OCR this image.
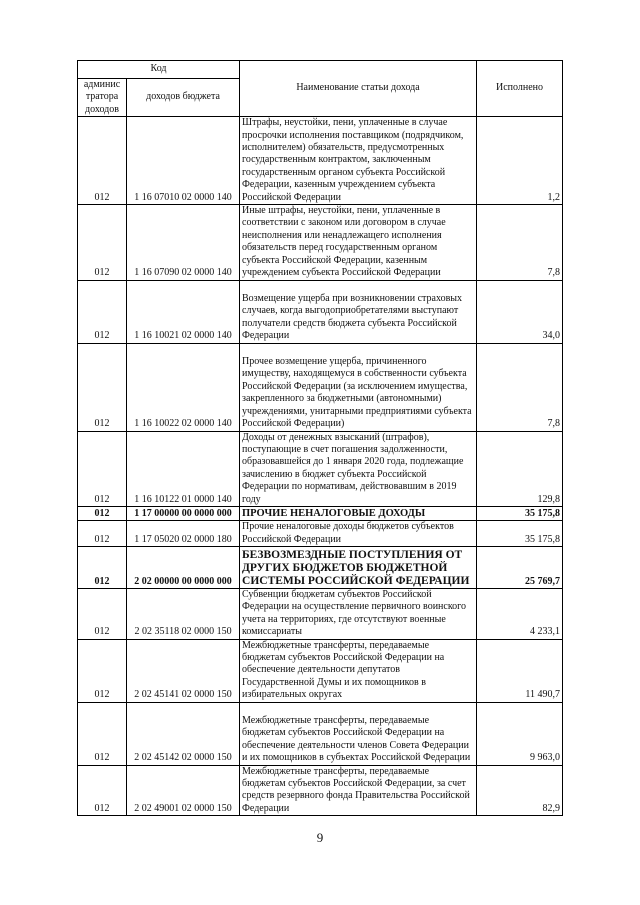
Код		Наименование статьи дохода	Исполнено
админис тратора доходов	доходов бюджета		
012	1 16 07010 02 0000 140	Штрафы, неустойки, пени, уплаченные в случае просрочки исполнения поставщиком (подрядчиком, исполнителем) обязательств, предусмотренных государственным контрактом, заключенным государственным органом субъекта Российской Федерации, казенным учреждением субъекта Российской Федерации	1,2
012	1 16 07090 02 0000 140	Иные штрафы, неустойки, пени, уплаченные в соответствии с законом или договором в случае неисполнения или ненадлежащего исполнения обязательств перед государственным органом субъекта Российской Федерации, казенным учреждением субъекта Российской Федерации	7,8
012	1 16 10021 02 0000 140	Возмещение ущерба при возникновении страховых случаев, когда выгодоприобретателями выступают получатели средств бюджета субъекта Российской Федерации	34,0
012	1 16 10022 02 0000 140	Прочее возмещение ущерба, причиненного имуществу, находящемуся в собственности субъекта Российской Федерации (за исключением имущества, закрепленного за бюджетными (автономными) учреждениями, унитарными предприятиями субъекта Российской Федерации)	7,8
012	1 16 10122 01 0000 140	Доходы от денежных взысканий (штрафов), поступающие в счет погашения задолженности, образовавшейся до 1 января 2020 года, подлежащие зачислению в бюджет субъекта Российской Федерации по нормативам, действовавшим в 2019 году	129,8
012	1 17 00000 00 0000 000	ПРОЧИЕ НЕНАЛОГОВЫЕ ДОХОДЫ	35 175,8
012	1 17 05020 02 0000 180	Прочие неналоговые доходы бюджетов субъектов Российской Федерации	35 175,8
012	2 02 00000 00 0000 000	БЕЗВОЗМЕЗДНЫЕ ПОСТУПЛЕНИЯ ОТ ДРУГИХ БЮДЖЕТОВ БЮДЖЕТНОЙ СИСТЕМЫ РОССИЙСКОЙ ФЕДЕРАЦИИ	25 769,7
012	2 02 35118 02 0000 150	Субвенции бюджетам субъектов Российской Федерации на осуществление первичного воинского учета на территориях, где отсутствуют военные комиссариаты	4 233,1
012	2 02 45141 02 0000 150	Межбюджетные трансферты, передаваемые бюджетам субъектов Российской Федерации на обеспечение деятельности депутатов Государственной Думы и их помощников в избирательных округах	11 490,7
012	2 02 45142 02 0000 150	Межбюджетные трансферты, передаваемые бюджетам субъектов Российской Федерации на обеспечение деятельности членов Совета Федерации и их помощников в субъектах Российской Федерации	9 963,0
012	2 02 49001 02 0000 150	Межбюджетные трансферты, передаваемые бюджетам субъектов Российской Федерации, за счет средств резервного фонда Правительства Российской Федерации	82,9
9
